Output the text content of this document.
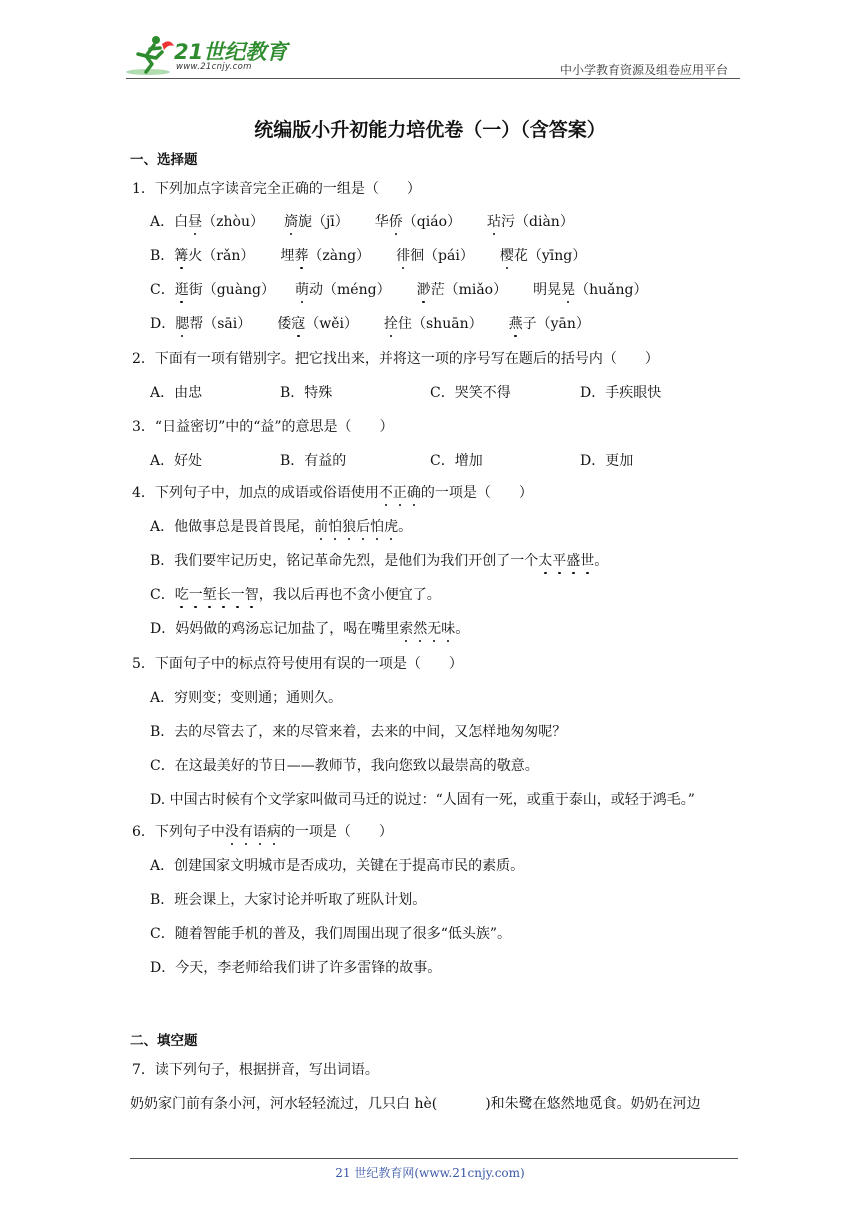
21世纪教育
www.21cnjy.com	中小学教育资源及组卷应用平台
统编版小升初能力培优卷（一）（含答案）
一、选择题
1．下列加点字读音完全正确的一组是（　　）
A．白昼（zhòu） 旖旎（jī） 华侨（qiáo） 玷污（diàn）
B．篝火（rǎn） 埋葬（zàng） 徘徊（pái） 樱花（yīng）
C．逛街（guàng） 萌动（méng） 渺茫（miǎo） 明晃晃（huǎng）
D．腮帮（sāi） 倭寇（wěi） 拴住（shuān） 燕子（yān）
2．下面有一项有错别字。把它找出来，并将这一项的序号写在题后的括号内（　　）
A．由忠	B．特殊	C．哭笑不得	D．手疾眼快
3．“日益密切”中的“益”的意思是（　　）
A．好处	B．有益的	C．增加	D．更加
4．下列句子中，加点的成语或俗语使用不正确的一项是（　　）
A．他做事总是畏首畏尾，前怕狼后怕虎。
B．我们要牢记历史，铭记革命先烈，是他们为我们开创了一个太平盛世。
C．吃一堑长一智，我以后再也不贪小便宜了。
D．妈妈做的鸡汤忘记加盐了，喝在嘴里索然无味。
5．下面句子中的标点符号使用有误的一项是（　　）
A．穷则变；变则通；通则久。
B．去的尽管去了，来的尽管来着，去来的中间，又怎样地匆匆呢？
C．在这最美好的节日——教师节，我向您致以最崇高的敬意。
D. 中国古时候有个文学家叫做司马迁的说过：“人固有一死，或重于泰山，或轻于鸿毛。”
6．下列句子中没有语病的一项是（　　）
A．创建国家文明城市是否成功，关键在于提高市民的素质。
B．班会课上，大家讨论并听取了班队计划。
C．随着智能手机的普及，我们周围出现了很多“低头族”。
D．今天，李老师给我们讲了许多雷锋的故事。
二、填空题
7．读下列句子，根据拼音，写出词语。
奶奶家门前有条小河，河水轻轻流过，几只白 hè(	)和朱鹭在悠然地觅食。奶奶在河边
21 世纪教育网(www.21cnjy.com)
